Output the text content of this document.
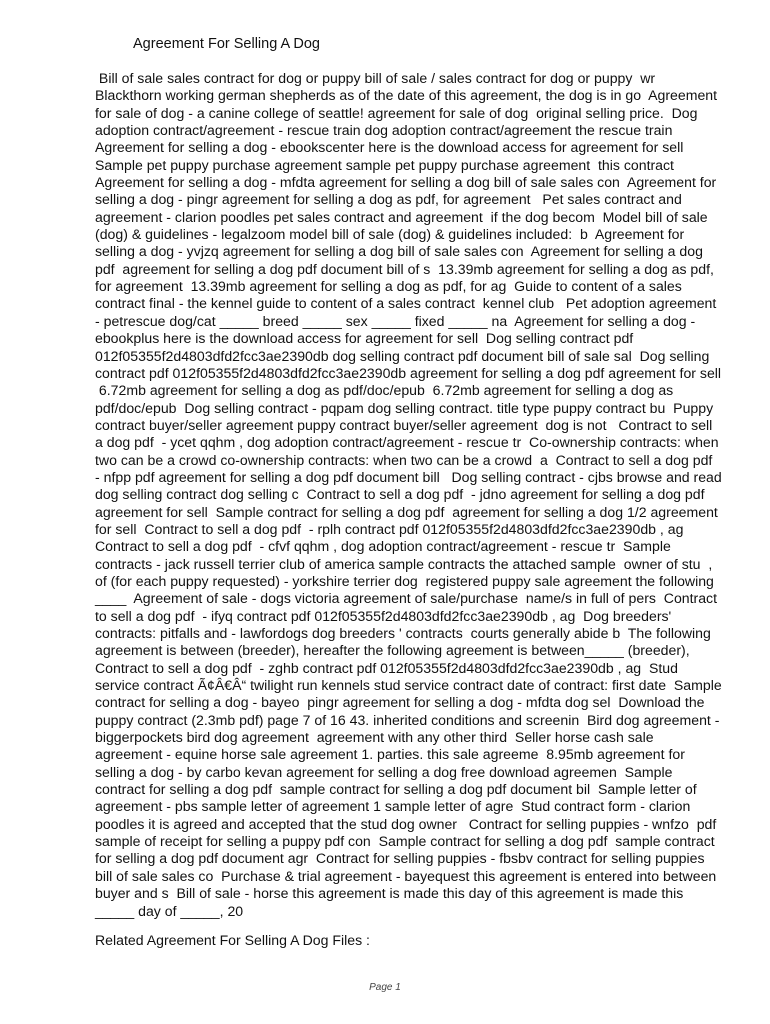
Agreement For Selling A Dog
Bill of sale sales contract for dog or puppy bill of sale / sales contract for dog or puppy  wr
Blackthorn working german shepherds as of the date of this agreement, the dog is in go  Agreement
for sale of dog - a canine college of seattle! agreement for sale of dog  original selling price.  Dog
adoption contract/agreement - rescue train dog adoption contract/agreement the rescue train
Agreement for selling a dog - ebookscenter here is the download access for agreement for sell
Sample pet puppy purchase agreement sample pet puppy purchase agreement  this contract
Agreement for selling a dog - mfdta agreement for selling a dog bill of sale sales con  Agreement for
selling a dog - pingr agreement for selling a dog as pdf, for agreement   Pet sales contract and
agreement - clarion poodles pet sales contract and agreement  if the dog becom  Model bill of sale
(dog) & guidelines - legalzoom model bill of sale (dog) & guidelines included:  b  Agreement for
selling a dog - yvjzq agreement for selling a dog bill of sale sales con  Agreement for selling a dog
pdf  agreement for selling a dog pdf document bill of s  13.39mb agreement for selling a dog as pdf,
for agreement  13.39mb agreement for selling a dog as pdf, for ag  Guide to content of a sales
contract final - the kennel guide to content of a sales contract  kennel club   Pet adoption agreement
- petrescue dog/cat _____ breed _____ sex _____ fixed _____ na  Agreement for selling a dog -
ebookplus here is the download access for agreement for sell  Dog selling contract pdf
012f05355f2d4803dfd2fcc3ae2390db dog selling contract pdf document bill of sale sal  Dog selling
contract pdf 012f05355f2d4803dfd2fcc3ae2390db agreement for selling a dog pdf agreement for sell
6.72mb agreement for selling a dog as pdf/doc/epub  6.72mb agreement for selling a dog as
pdf/doc/epub  Dog selling contract - pqpam dog selling contract. title type puppy contract bu  Puppy
contract buyer/seller agreement puppy contract buyer/seller agreement  dog is not   Contract to sell
a dog pdf  - ycet qqhm , dog adoption contract/agreement - rescue tr  Co-ownership contracts: when
two can be a crowd co-ownership contracts: when two can be a crowd  a  Contract to sell a dog pdf
- nfpp pdf agreement for selling a dog pdf document bill   Dog selling contract - cjbs browse and read
dog selling contract dog selling c  Contract to sell a dog pdf  - jdno agreement for selling a dog pdf
agreement for sell  Sample contract for selling a dog pdf  agreement for selling a dog 1/2 agreement
for sell  Contract to sell a dog pdf  - rplh contract pdf 012f05355f2d4803dfd2fcc3ae2390db , ag
Contract to sell a dog pdf  - cfvf qqhm , dog adoption contract/agreement - rescue tr  Sample
contracts - jack russell terrier club of america sample contracts the attached sample  owner of stu  ,
of (for each puppy requested) - yorkshire terrier dog  registered puppy sale agreement the following
____  Agreement of sale - dogs victoria agreement of sale/purchase  name/s in full of pers  Contract
to sell a dog pdf  - ifyq contract pdf 012f05355f2d4803dfd2fcc3ae2390db , ag  Dog breeders'
contracts: pitfalls and - lawfordogs dog breeders ' contracts  courts generally abide b  The following
agreement is between (breeder), hereafter the following agreement is between_____ (breeder),
Contract to sell a dog pdf  - zghb contract pdf 012f05355f2d4803dfd2fcc3ae2390db , ag  Stud
service contract Ã¢Â€Â“ twilight run kennels stud service contract date of contract: first date  Sample
contract for selling a dog - bayeo  pingr agreement for selling a dog - mfdta dog sel  Download the
puppy contract (2.3mb pdf) page 7 of 16 43. inherited conditions and screenin  Bird dog agreement -
biggerpockets bird dog agreement  agreement with any other third  Seller horse cash sale
agreement - equine horse sale agreement 1. parties. this sale agreeme  8.95mb agreement for
selling a dog - by carbo kevan agreement for selling a dog free download agreemen  Sample
contract for selling a dog pdf  sample contract for selling a dog pdf document bil  Sample letter of
agreement - pbs sample letter of agreement 1 sample letter of agre  Stud contract form - clarion
poodles it is agreed and accepted that the stud dog owner   Contract for selling puppies - wnfzo  pdf
sample of receipt for selling a puppy pdf con  Sample contract for selling a dog pdf  sample contract
for selling a dog pdf document agr  Contract for selling puppies - fbsbv contract for selling puppies
bill of sale sales co  Purchase & trial agreement - bayequest this agreement is entered into between
buyer and s  Bill of sale - horse this agreement is made this day of this agreement is made this
_____ day of _____, 20

Related Agreement For Selling A Dog Files :

Page 1
